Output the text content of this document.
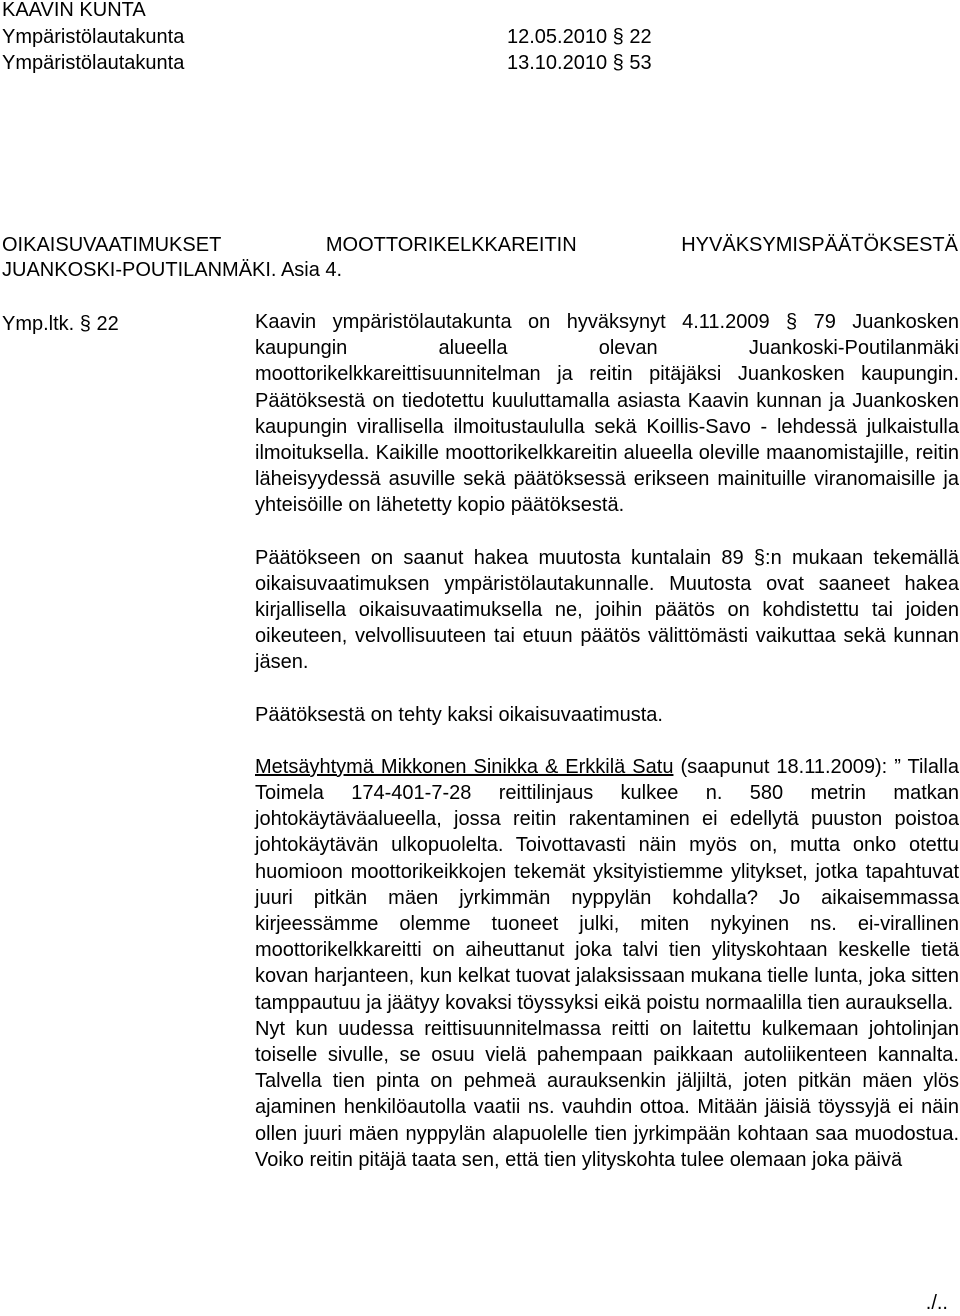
KAAVIN KUNTA
Ympäristölautakunta	12.05.2010 § 22
Ympäristölautakunta	13.10.2010 § 53
OIKAISUVAATIMUKSET	MOOTTORIKELKKAREITIN	HYVÄKSYMISPÄÄTÖKSESTÄ
JUANKOSKI-POUTILANMÄKI. Asia 4.
Ymp.ltk. § 22	Kaavin ympäristölautakunta on hyväksynyt 4.11.2009 § 79 Juankosken kaupungin alueella olevan Juankoski-Poutilanmäki moottorikelkkareittisuunnitelman ja reitin pitäjäksi Juankosken kaupungin. Päätöksestä on tiedotettu kuuluttamalla asiasta Kaavin kunnan ja Juankosken kaupungin virallisella ilmoitustaululla sekä Koillis-Savo - lehdessä julkaistulla ilmoituksella. Kaikille moottorikelkkareitin alueella oleville maanomistajille, reitin läheisyydessä asuville sekä päätöksessä erikseen mainituille viranomaisille ja yhteisöille on lähetetty kopio päätöksestä.

Päätökseen on saanut hakea muutosta kuntalain 89 §:n mukaan tekemällä oikaisuvaatimuksen ympäristölautakunnalle. Muutosta ovat saaneet hakea kirjallisella oikaisuvaatimuksella ne, joihin päätös on kohdistettu tai joiden oikeuteen, velvollisuuteen tai etuun päätös välittömästi vaikuttaa sekä kunnan jäsen.

Päätöksestä on tehty kaksi oikaisuvaatimusta.

Metsäyhtymä Mikkonen Sinikka & Erkkilä Satu (saapunut 18.11.2009): ” Tilalla Toimela 174-401-7-28 reittilinjaus kulkee n. 580 metrin matkan johtokäytäväalueella, jossa reitin rakentaminen ei edellytä puuston poistoa johtokäytävän ulkopuolelta. Toivottavasti näin myös on, mutta onko otettu huomioon moottorikeikkojen tekemät yksityistiemme ylitykset, jotka tapahtuvat juuri pitkän mäen jyrkimmän nyppylän kohdalla? Jo aikaisemmassa kirjeessämme olemme tuoneet julki, miten nykyinen ns. ei-virallinen moottorikelkkareitti on aiheuttanut joka talvi tien ylityskohtaan keskelle tietä kovan harjanteen, kun kelkat tuovat jalaksissaan mukana tielle lunta, joka sitten tamppautuu ja jäätyy kovaksi töyssyksi eikä poistu normaalilla tien aurauksella.

Nyt kun uudessa reittisuunnitelmassa reitti on laitettu kulkemaan johtolinjan toiselle sivulle, se osuu vielä pahempaan paikkaan autoliikenteen kannalta. Talvella tien pinta on pehmeä aurauksenkin jäljiltä, joten pitkän mäen ylös ajaminen henkilöautolla vaatii ns. vauhdin ottoa. Mitään jäisiä töyssyjä ei näin ollen juuri mäen nyppylän alapuolelle tien jyrkimpään kohtaan saa muodostua. Voiko reitin pitäjä taata sen, että tien ylityskohta tulee olemaan joka päivä

./..
